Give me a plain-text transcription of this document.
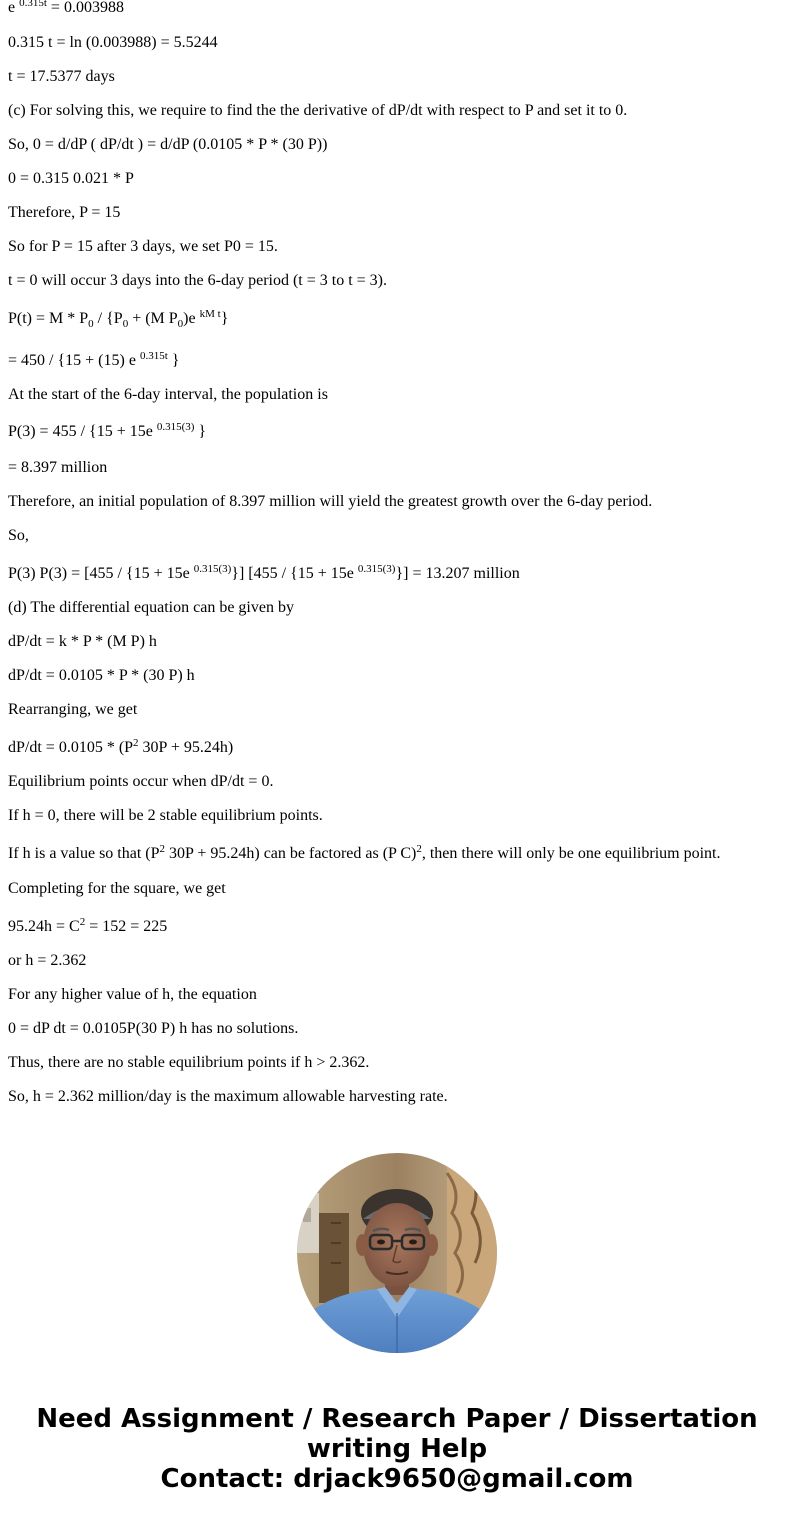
e $^{0.315t}$ = 0.003988
0.315 t = ln (0.003988) = 5.5244
t = 17.5377 days
(c) For solving this, we require to find the the derivative of dP/dt with respect to P and set it to 0.
So, 0 = d/dP ( dP/dt ) = d/dP (0.0105 * P * (30 P))
0 = 0.315 0.021 * P
Therefore, P = 15
So for P = 15 after 3 days, we set P0 = 15.
t = 0 will occur 3 days into the 6-day period (t = 3 to t = 3).
$P(t) = M * P_0 / \{P_0 + (M$ $P_0)e$ $^{kM t}$}
= 450 / {15 + (15) e $^{0.315t}$ }
At the start of the 6-day interval, the population is
P(3) = 455 / {15 + 15e $^{0.315(3)}$ }
= 8.397 million
Therefore, an initial population of 8.397 million will yield the greatest growth over the 6-day period.
So,
P(3) P(3) = [455 / {15 + 15e $^{0.315(3)}$}] [455 / {15 + 15e $^{0.315(3)}$}] = 13.207 million
(d) The differential equation can be given by
dP/dt = k * P * (M P) h
dP/dt = 0.0105 * P * (30 P) h
Rearranging, we get
$dP/dt = 0.0105 * (P^2$ 30P + 95.24h)
Equilibrium points occur when dP/dt = 0.
If h = 0, there will be 2 stable equilibrium points.
If h is a value so that ($P^2$ 30P + 95.24h) can be factored as (P C)$^2$, then there will only be one equilibrium point.
Completing for the square, we get
$95.24h = C^2 = 152 = 225$
or h = 2.362
For any higher value of h, the equation
0 = dP dt = 0.0105P(30 P) h has no solutions.
Thus, there are no stable equilibrium points if h > 2.362.
So, h = 2.362 million/day is the maximum allowable harvesting rate.
Need Assignment / Research Paper / Dissertation
writing Help
Contact: drjack9650@gmail.com
